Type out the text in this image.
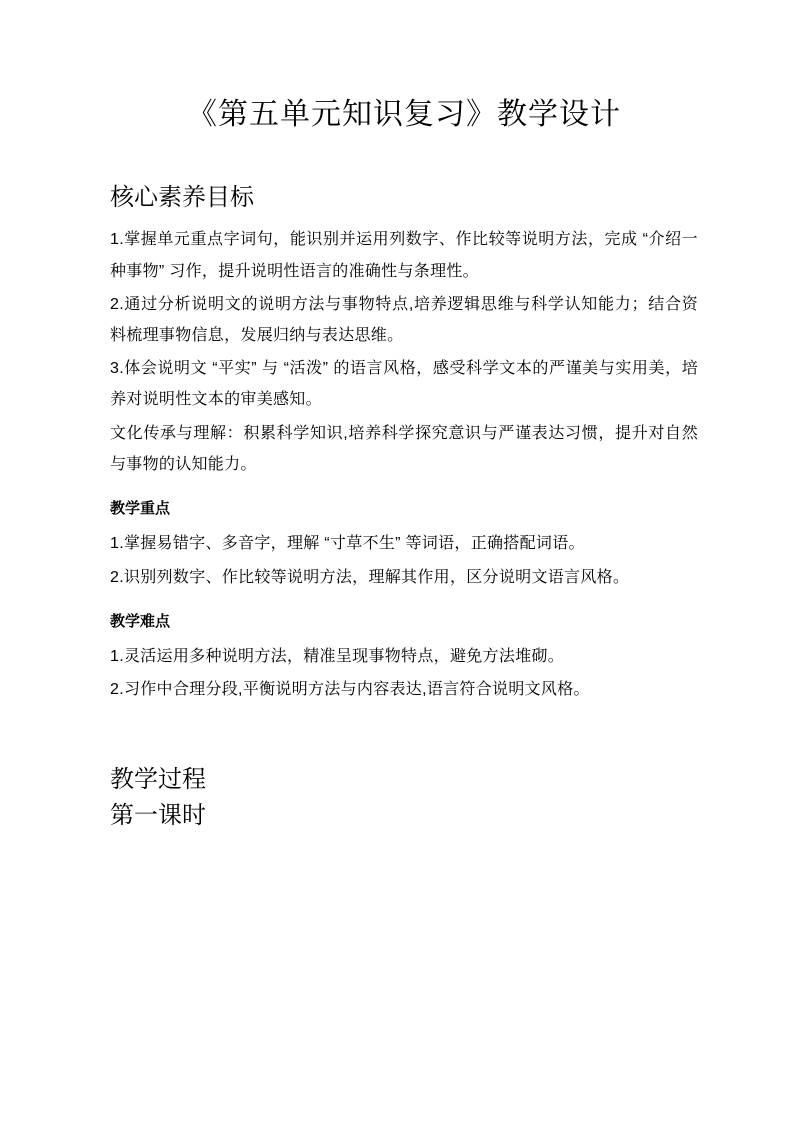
《第五单元知识复习》教学设计
核心素养目标

1.掌握单元重点字词句，能识别并运用列数字、作比较等说明方法，完成 “介绍一种事物” 习作，提升说明性语言的准确性与条理性。

2.通过分析说明文的说明方法与事物特点,培养逻辑思维与科学认知能力；结合资料梳理事物信息，发展归纳与表达思维。

3.体会说明文 “平实” 与 “活泼” 的语言风格，感受科学文本的严谨美与实用美，培养对说明性文本的审美感知。

文化传承与理解：积累科学知识,培养科学探究意识与严谨表达习惯，提升对自然与事物的认知能力。

教学重点

1.掌握易错字、多音字，理解 “寸草不生” 等词语，正确搭配词语。

2.识别列数字、作比较等说明方法，理解其作用，区分说明文语言风格。

教学难点

1.灵活运用多种说明方法，精准呈现事物特点，避免方法堆砌。

2.习作中合理分段,平衡说明方法与内容表达,语言符合说明文风格。

教学过程

第一课时
